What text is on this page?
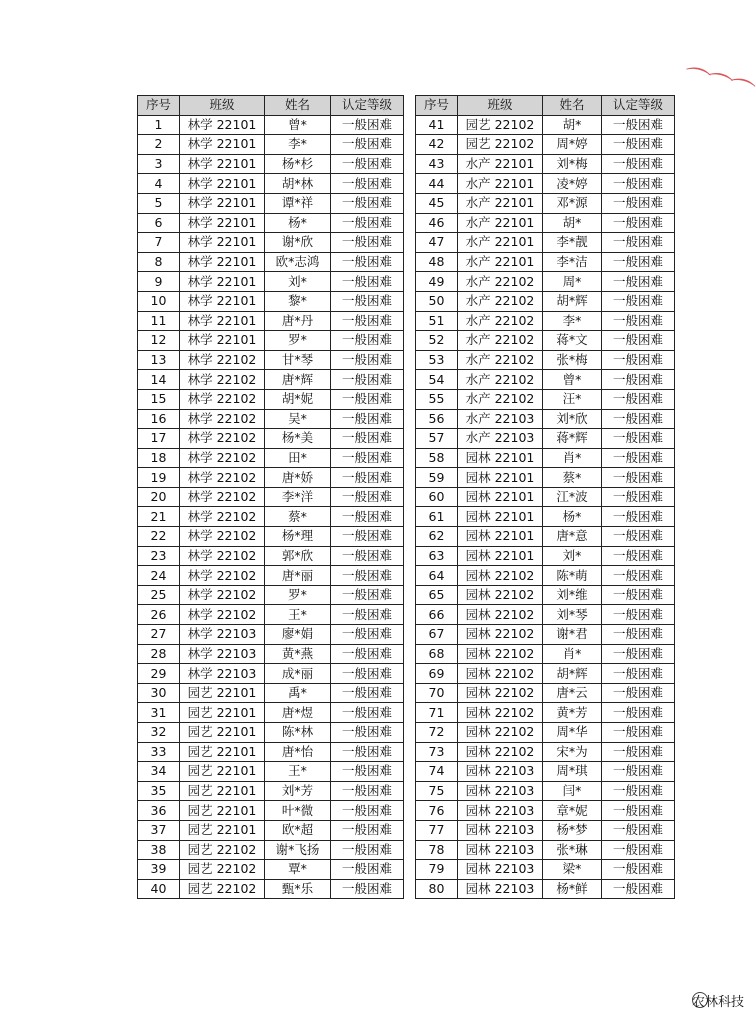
⌒⌒⌒
序号	班级	姓名	认定等级
1	林学 22101	曾*	一般困难
2	林学 22101	李*	一般困难
3	林学 22101	杨*杉	一般困难
4	林学 22101	胡*林	一般困难
5	林学 22101	谭*祥	一般困难
6	林学 22101	杨*	一般困难
7	林学 22101	谢*欣	一般困难
8	林学 22101	欧*志鸿	一般困难
9	林学 22101	刘*	一般困难
10	林学 22101	黎*	一般困难
11	林学 22101	唐*丹	一般困难
12	林学 22101	罗*	一般困难
13	林学 22102	甘*琴	一般困难
14	林学 22102	唐*辉	一般困难
15	林学 22102	胡*妮	一般困难
16	林学 22102	吴*	一般困难
17	林学 22102	杨*美	一般困难
18	林学 22102	田*	一般困难
19	林学 22102	唐*娇	一般困难
20	林学 22102	李*洋	一般困难
21	林学 22102	蔡*	一般困难
22	林学 22102	杨*理	一般困难
23	林学 22102	郭*欣	一般困难
24	林学 22102	唐*丽	一般困难
25	林学 22102	罗*	一般困难
26	林学 22102	王*	一般困难
27	林学 22103	廖*娟	一般困难
28	林学 22103	黄*燕	一般困难
29	林学 22103	成*丽	一般困难
30	园艺 22101	禹*	一般困难
31	园艺 22101	唐*煜	一般困难
32	园艺 22101	陈*林	一般困难
33	园艺 22101	唐*怡	一般困难
34	园艺 22101	王*	一般困难
35	园艺 22101	刘*芳	一般困难
36	园艺 22101	叶*微	一般困难
37	园艺 22101	欧*超	一般困难
38	园艺 22102	谢*飞扬	一般困难
39	园艺 22102	覃*	一般困难
40	园艺 22102	甄*乐	一般困难
序号	班级	姓名	认定等级
41	园艺 22102	胡*	一般困难
42	园艺 22102	周*婷	一般困难
43	水产 22101	刘*梅	一般困难
44	水产 22101	凌*婷	一般困难
45	水产 22101	邓*源	一般困难
46	水产 22101	胡*	一般困难
47	水产 22101	李*靓	一般困难
48	水产 22101	李*洁	一般困难
49	水产 22102	周*	一般困难
50	水产 22102	胡*辉	一般困难
51	水产 22102	李*	一般困难
52	水产 22102	蒋*文	一般困难
53	水产 22102	张*梅	一般困难
54	水产 22102	曾*	一般困难
55	水产 22102	汪*	一般困难
56	水产 22103	刘*欣	一般困难
57	水产 22103	蒋*辉	一般困难
58	园林 22101	肖*	一般困难
59	园林 22101	蔡*	一般困难
60	园林 22101	江*波	一般困难
61	园林 22101	杨*	一般困难
62	园林 22101	唐*意	一般困难
63	园林 22101	刘*	一般困难
64	园林 22102	陈*萌	一般困难
65	园林 22102	刘*维	一般困难
66	园林 22102	刘*琴	一般困难
67	园林 22102	谢*君	一般困难
68	园林 22102	肖*	一般困难
69	园林 22102	胡*辉	一般困难
70	园林 22102	唐*云	一般困难
71	园林 22102	黄*芳	一般困难
72	园林 22102	周*华	一般困难
73	园林 22102	宋*为	一般困难
74	园林 22103	周*琪	一般困难
75	园林 22103	闫*	一般困难
76	园林 22103	章*妮	一般困难
77	园林 22103	杨*梦	一般困难
78	园林 22103	张*琳	一般困难
79	园林 22103	梁*	一般困难
80	园林 22103	杨*鲜	一般困难
农林科技
